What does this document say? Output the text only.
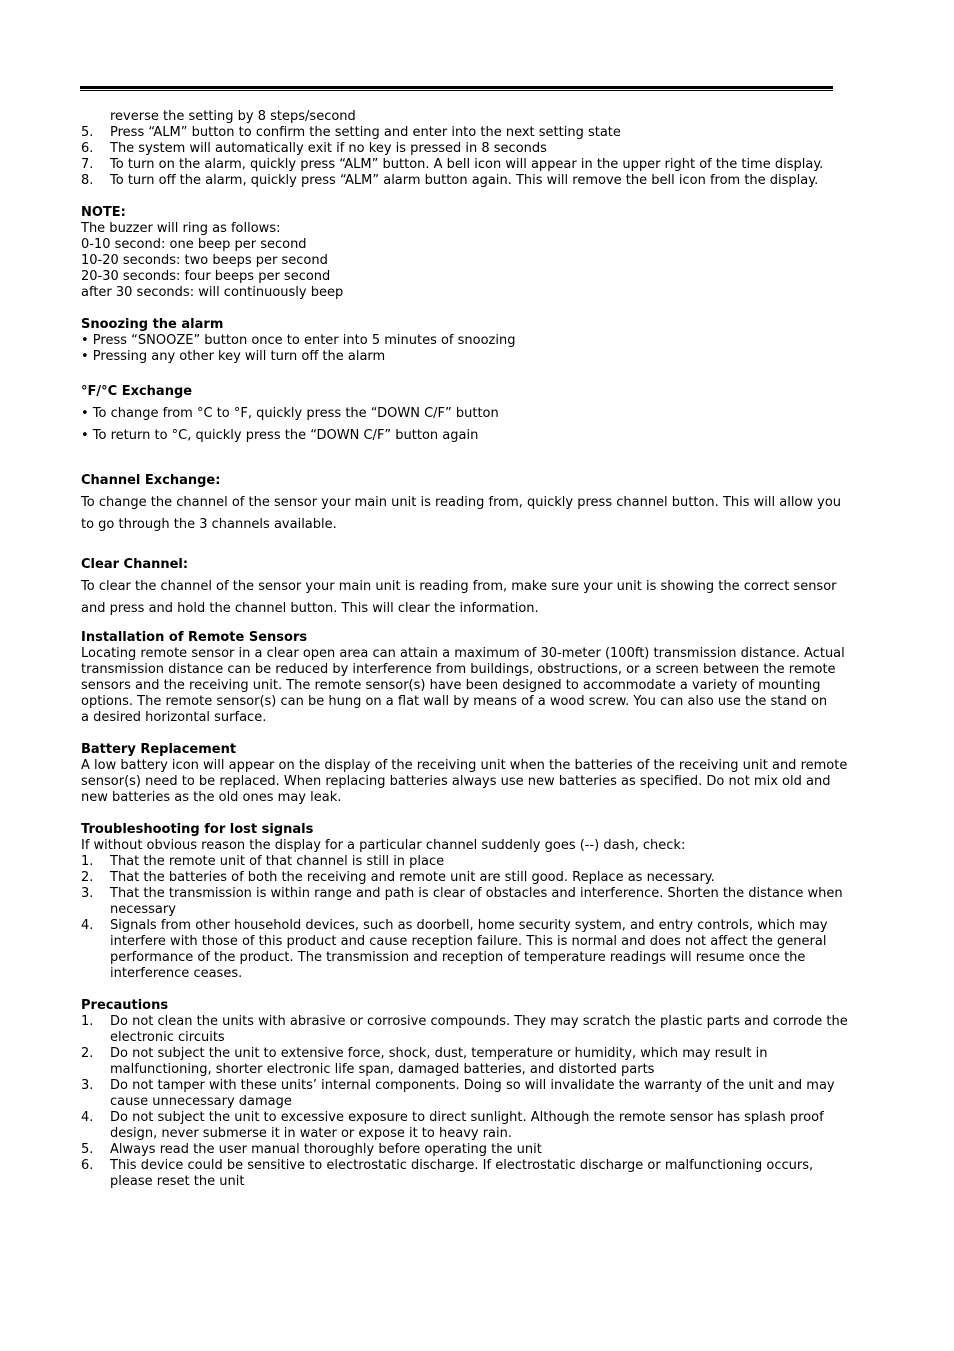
reverse the setting by 8 steps/second
5.	Press “ALM” button to confirm the setting and enter into the next setting state
6.	The system will automatically exit if no key is pressed in 8 seconds
7.	To turn on the alarm, quickly press “ALM” button. A bell icon will appear in the upper right of the time display.
8.	To turn off the alarm, quickly press “ALM” alarm button again. This will remove the bell icon from the display.
NOTE:
The buzzer will ring as follows:
0-10 second: one beep per second
10-20 seconds: two beeps per second
20-30 seconds: four beeps per second
after 30 seconds: will continuously beep
Snoozing the alarm
• Press “SNOOZE” button once to enter into 5 minutes of snoozing
• Pressing any other key will turn off the alarm
°F/°C Exchange
• To change from °C to °F, quickly press the “DOWN C/F” button
• To return to °C, quickly press the “DOWN C/F” button again
Channel Exchange:
To change the channel of the sensor your main unit is reading from, quickly press channel button. This will allow you
to go through the 3 channels available.
Clear Channel:
To clear the channel of the sensor your main unit is reading from, make sure your unit is showing the correct sensor
and press and hold the channel button. This will clear the information.
Installation of Remote Sensors
Locating remote sensor in a clear open area can attain a maximum of 30-meter (100ft) transmission distance. Actual
transmission distance can be reduced by interference from buildings, obstructions, or a screen between the remote
sensors and the receiving unit. The remote sensor(s) have been designed to accommodate a variety of mounting
options. The remote sensor(s) can be hung on a flat wall by means of a wood screw. You can also use the stand on
a desired horizontal surface.
Battery Replacement
A low battery icon will appear on the display of the receiving unit when the batteries of the receiving unit and remote
sensor(s) need to be replaced. When replacing batteries always use new batteries as specified. Do not mix old and
new batteries as the old ones may leak.
Troubleshooting for lost signals
If without obvious reason the display for a particular channel suddenly goes (--) dash, check:
1.	That the remote unit of that channel is still in place
2.	That the batteries of both the receiving and remote unit are still good. Replace as necessary.
3.	That the transmission is within range and path is clear of obstacles and interference. Shorten the distance when
necessary
4.	Signals from other household devices, such as doorbell, home security system, and entry controls, which may
interfere with those of this product and cause reception failure. This is normal and does not affect the general
performance of the product. The transmission and reception of temperature readings will resume once the
interference ceases.
Precautions
1.	Do not clean the units with abrasive or corrosive compounds. They may scratch the plastic parts and corrode the
electronic circuits
2.	Do not subject the unit to extensive force, shock, dust, temperature or humidity, which may result in
malfunctioning, shorter electronic life span, damaged batteries, and distorted parts
3.	Do not tamper with these units’ internal components. Doing so will invalidate the warranty of the unit and may
cause unnecessary damage
4.	Do not subject the unit to excessive exposure to direct sunlight. Although the remote sensor has splash proof
design, never submerse it in water or expose it to heavy rain.
5.	Always read the user manual thoroughly before operating the unit
6.	This device could be sensitive to electrostatic discharge. If electrostatic discharge or malfunctioning occurs,
please reset the unit
